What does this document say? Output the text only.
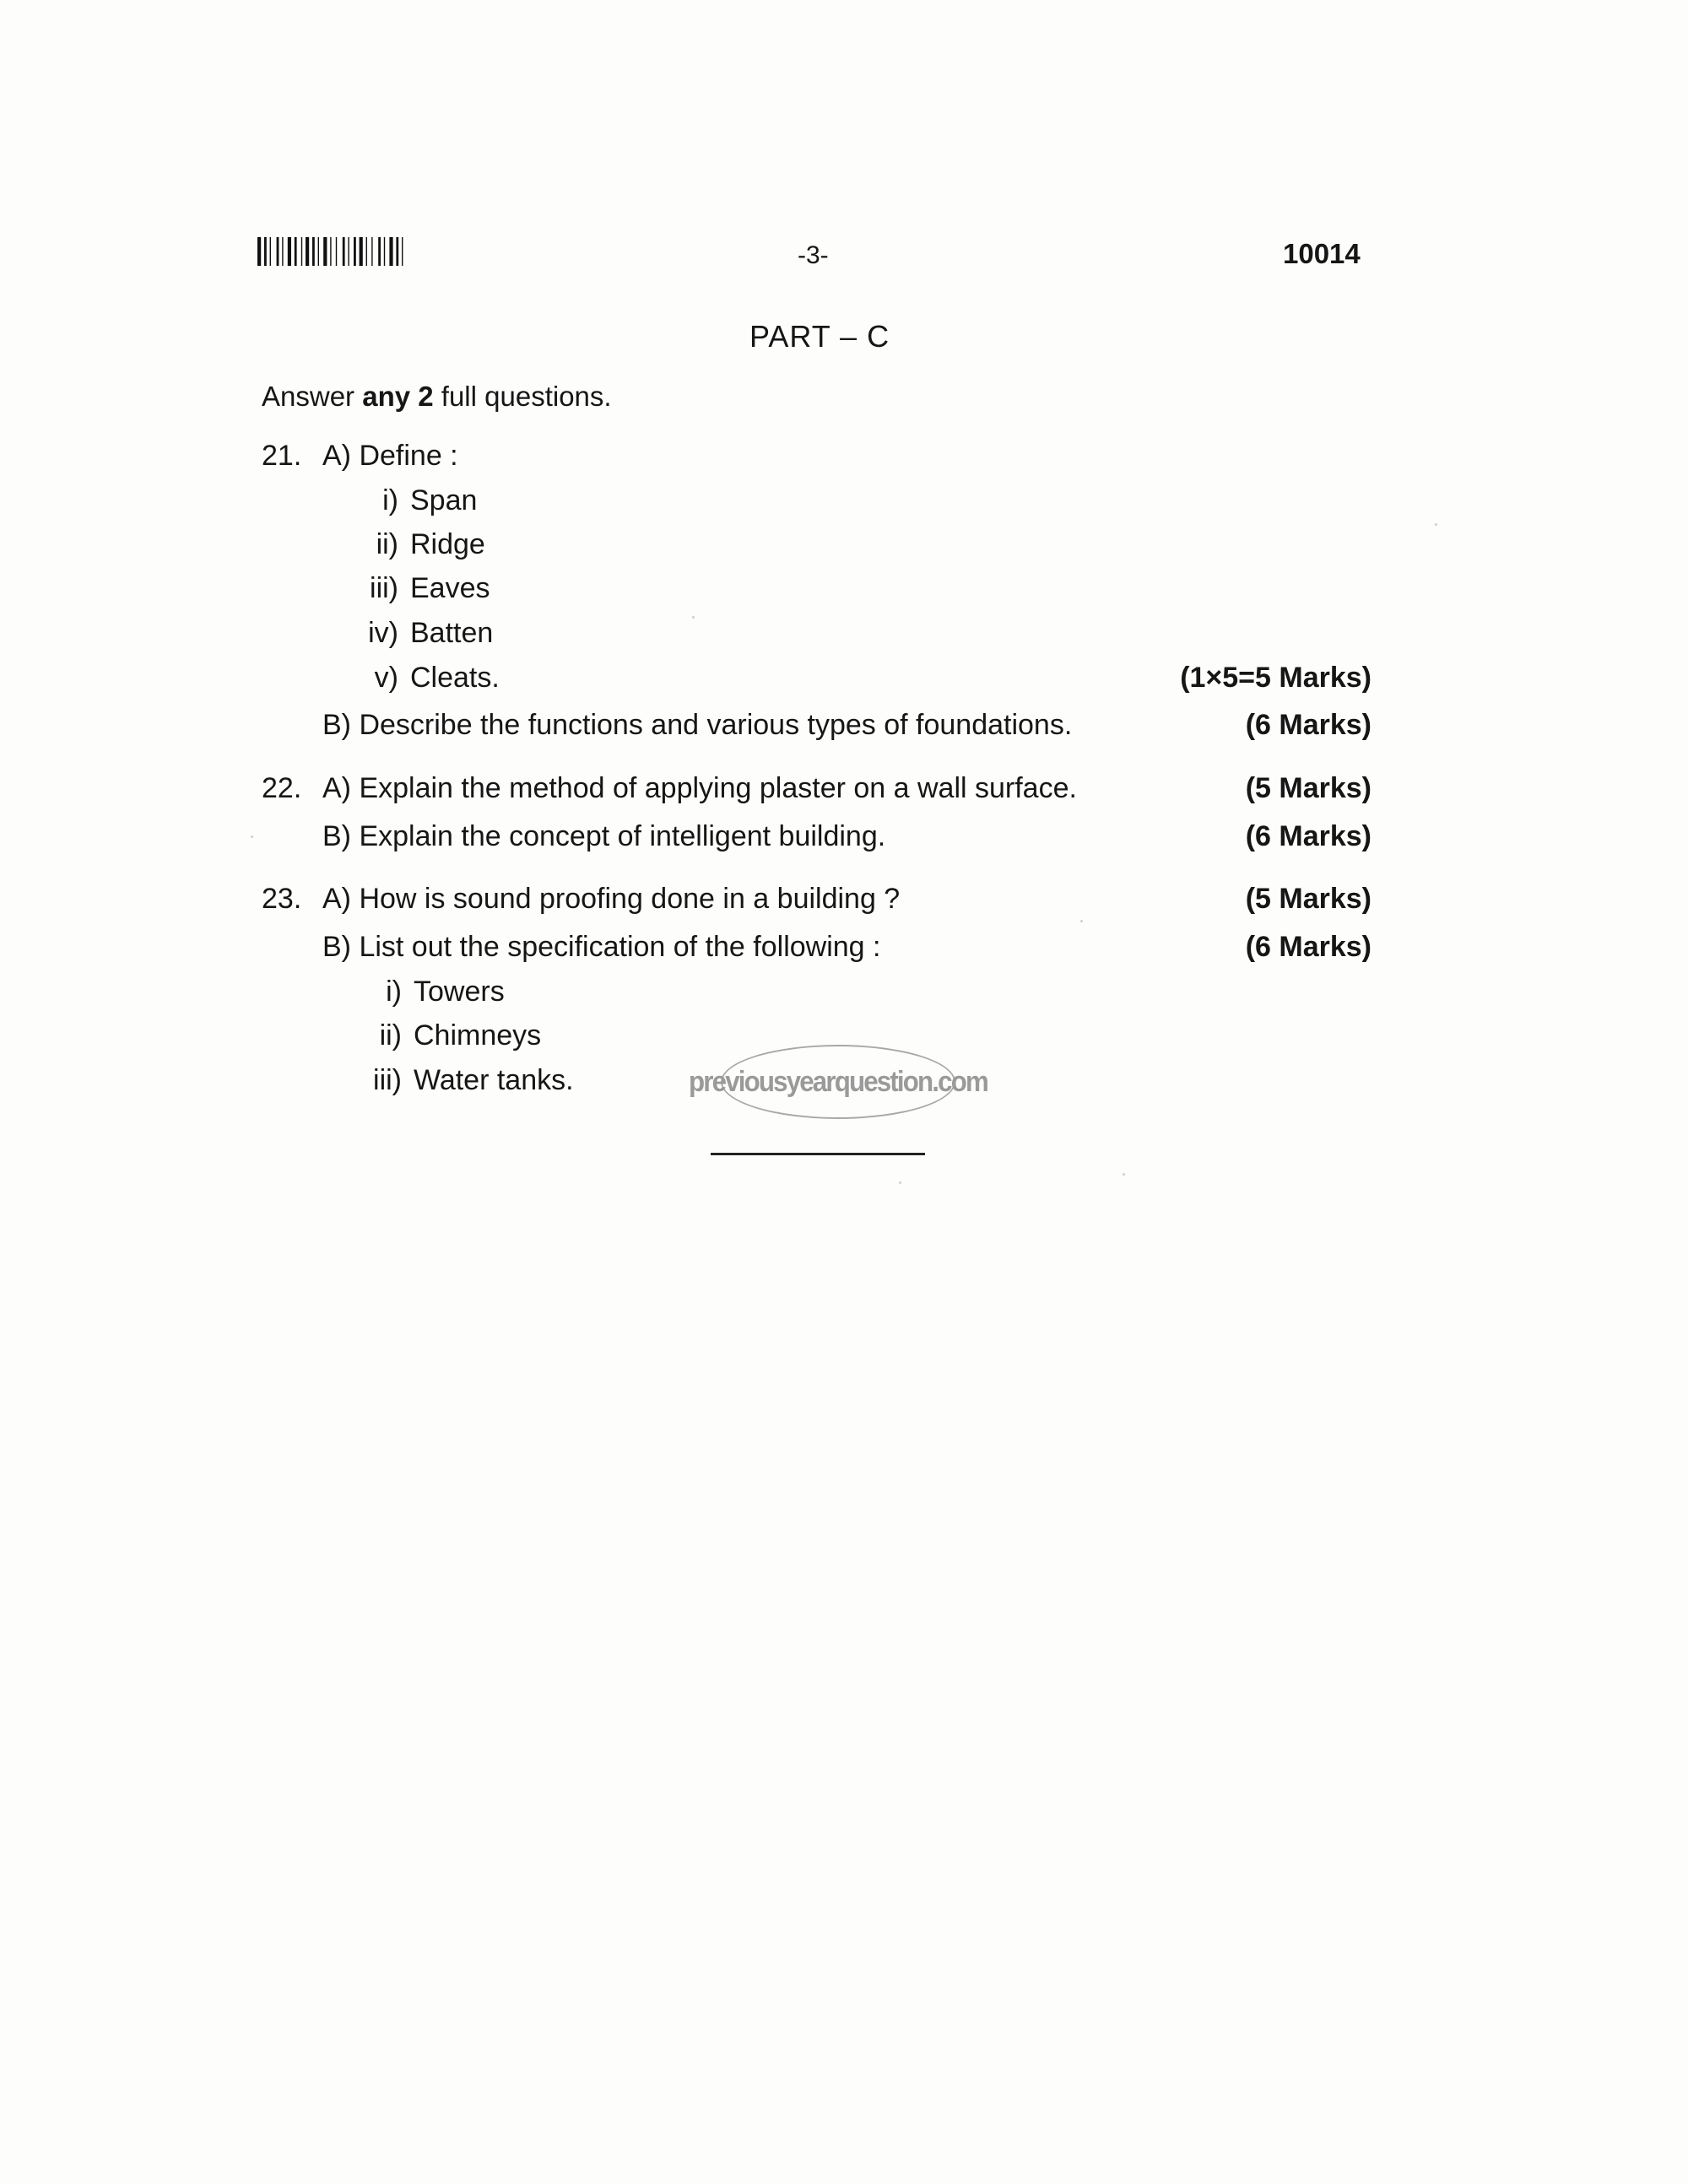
-3-	10014
PART – C
Answer any 2 full questions.
21. A) Define :
i) Span
ii) Ridge
iii) Eaves
iv) Batten
v) Cleats.	(1×5=5 Marks)
B) Describe the functions and various types of foundations.	(6 Marks)
22. A) Explain the method of applying plaster on a wall surface.	(5 Marks)
B) Explain the concept of intelligent building.	(6 Marks)
23. A) How is sound proofing done in a building ?	(5 Marks)
B) List out the specification of the following :	(6 Marks)
i) Towers
ii) Chimneys
iii) Water tanks.	previousyearquestion.com
